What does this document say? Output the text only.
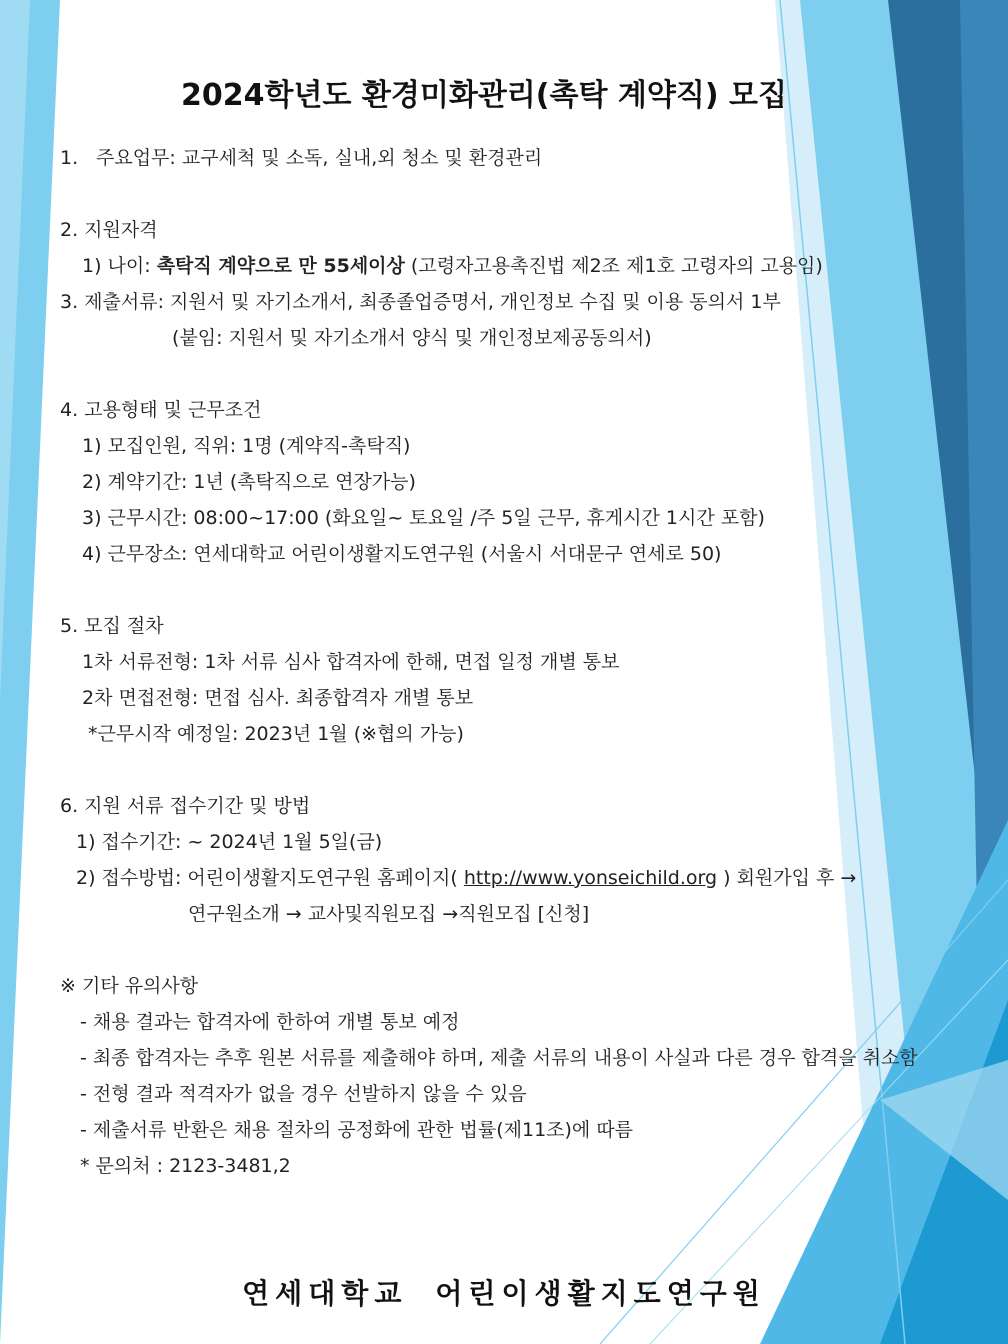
2024학년도 환경미화관리(촉탁 계약직) 모집
1. 주요업무: 교구세척 및 소독, 실내,외 청소 및 환경관리
2. 지원자격
1) 나이: 촉탁직 계약으로 만 55세이상 (고령자고용촉진법 제2조 제1호 고령자의 고용임)
3. 제출서류: 지원서 및 자기소개서, 최종졸업증명서, 개인정보 수집 및 이용 동의서 1부
(붙임: 지원서 및 자기소개서 양식 및 개인정보제공동의서)
4. 고용형태 및 근무조건
1) 모집인원, 직위: 1명 (계약직-촉탁직)
2) 계약기간: 1년 (촉탁직으로 연장가능)
3) 근무시간: 08:00~17:00 (화요일~ 토요일 /주 5일 근무, 휴게시간 1시간 포함)
4) 근무장소: 연세대학교 어린이생활지도연구원 (서울시 서대문구 연세로 50)
5. 모집 절차
1차 서류전형: 1차 서류 심사 합격자에 한해, 면접 일정 개별 통보
2차 면접전형: 면접 심사. 최종합격자 개별 통보
*근무시작 예정일: 2023년 1월 (※협의 가능)
6. 지원 서류 접수기간 및 방법
1) 접수기간: ~ 2024년 1월 5일(금)
2) 접수방법: 어린이생활지도연구원 홈페이지( http://www.yonseichild.org ) 회원가입 후 →
연구원소개 → 교사및직원모집 →직원모집 [신청]
※ 기타 유의사항
- 채용 결과는 합격자에 한하여 개별 통보 예정
- 최종 합격자는 추후 원본 서류를 제출해야 하며, 제출 서류의 내용이 사실과 다른 경우 합격을 취소함
- 전형 결과 적격자가 없을 경우 선발하지 않을 수 있음
- 제출서류 반환은 채용 절차의 공정화에 관한 법률(제11조)에 따름
* 문의처 : 2123-3481,2
연세대학교 어린이생활지도연구원
